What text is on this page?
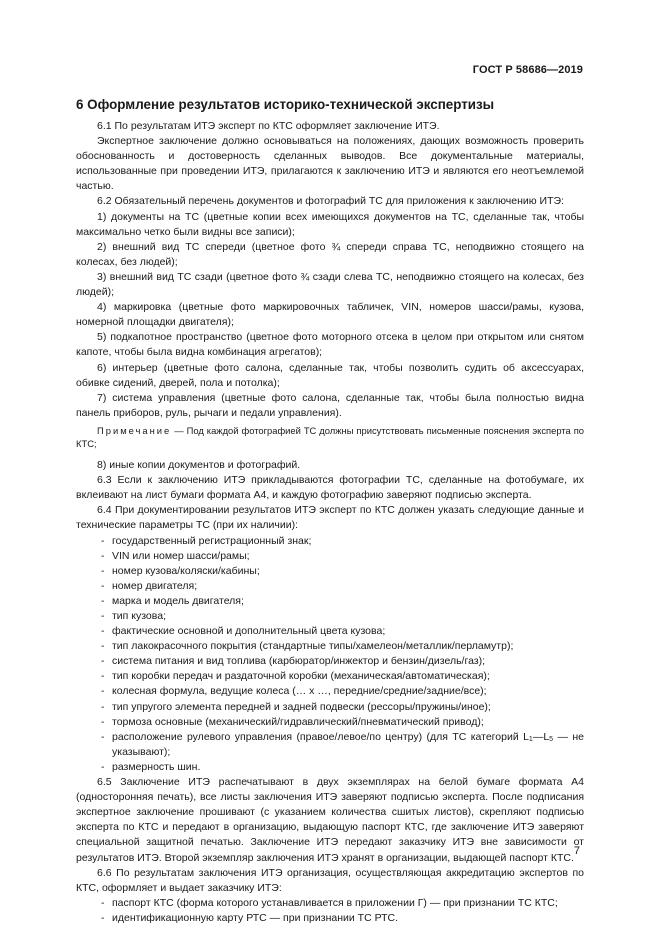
ГОСТ Р 58686—2019
6 Оформление результатов историко-технической экспертизы

6.1 По результатам ИТЭ эксперт по КТС оформляет заключение ИТЭ.

Экспертное заключение должно основываться на положениях, дающих возможность проверить обоснованность и достоверность сделанных выводов. Все документальные материалы, использованные при проведении ИТЭ, прилагаются к заключению ИТЭ и являются его неотъемлемой частью.

6.2 Обязательный перечень документов и фотографий ТС для приложения к заключению ИТЭ:

1) документы на ТС (цветные копии всех имеющихся документов на ТС, сделанные так, чтобы максимально четко были видны все записи);

2) внешний вид ТС спереди (цветное фото ¾ спереди справа ТС, неподвижно стоящего на колесах, без людей);

3) внешний вид ТС сзади (цветное фото ¾ сзади слева ТС, неподвижно стоящего на колесах, без людей);

4) маркировка (цветные фото маркировочных табличек, VIN, номеров шасси/рамы, кузова, номерной площадки двигателя);

5) подкапотное пространство (цветное фото моторного отсека в целом при открытом или снятом капоте, чтобы была видна комбинация агрегатов);

6) интерьер (цветные фото салона, сделанные так, чтобы позволить судить об аксессуарах, обивке сидений, дверей, пола и потолка);

7) система управления (цветные фото салона, сделанные так, чтобы была полностью видна панель приборов, руль, рычаги и педали управления).

Примечание — Под каждой фотографией ТС должны присутствовать письменные пояснения эксперта по КТС;

8) иные копии документов и фотографий.

6.3 Если к заключению ИТЭ прикладываются фотографии ТС, сделанные на фотобумаге, их вклеивают на лист бумаги формата А4, и каждую фотографию заверяют подписью эксперта.

6.4 При документировании результатов ИТЭ эксперт по КТС должен указать следующие данные и технические параметры ТС (при их наличии):

- государственный регистрационный знак;

- VIN или номер шасси/рамы;

- номер кузова/коляски/кабины;

- номер двигателя;

- марка и модель двигателя;

- тип кузова;

- фактические основной и дополнительный цвета кузова;

- тип лакокрасочного покрытия (стандартные типы/хамелеон/металлик/перламутр);

- система питания и вид топлива (карбюратор/инжектор и бензин/дизель/газ);

- тип коробки передач и раздаточной коробки (механическая/автоматическая);

- колесная формула, ведущие колеса (… х …, передние/средние/задние/все);

- тип упругого элемента передней и задней подвески (рессоры/пружины/иное);

- тормоза основные (механический/гидравлический/пневматический привод);

- расположение рулевого управления (правое/левое/по центру) (для ТС категорий $L_1—L_5$ — не указывают);

- размерность шин.

6.5 Заключение ИТЭ распечатывают в двух экземплярах на белой бумаге формата А4 (односторонняя печать), все листы заключения ИТЭ заверяют подписью эксперта. После подписания экспертное заключение прошивают (с указанием количества сшитых листов), скрепляют подписью эксперта по КТС и передают в организацию, выдающую паспорт КТС, где заключение ИТЭ заверяют специальной защитной печатью. Заключение ИТЭ передают заказчику ИТЭ вне зависимости от результатов ИТЭ. Второй экземпляр заключения ИТЭ хранят в организации, выдающей паспорт КТС.

6.6 По результатам заключения ИТЭ организация, осуществляющая аккредитацию экспертов по КТС, оформляет и выдает заказчику ИТЭ:

- паспорт КТС (форма которого устанавливается в приложении Г) — при признании ТС КТС;

- идентификационную карту РТС — при признании ТС РТС.

7
